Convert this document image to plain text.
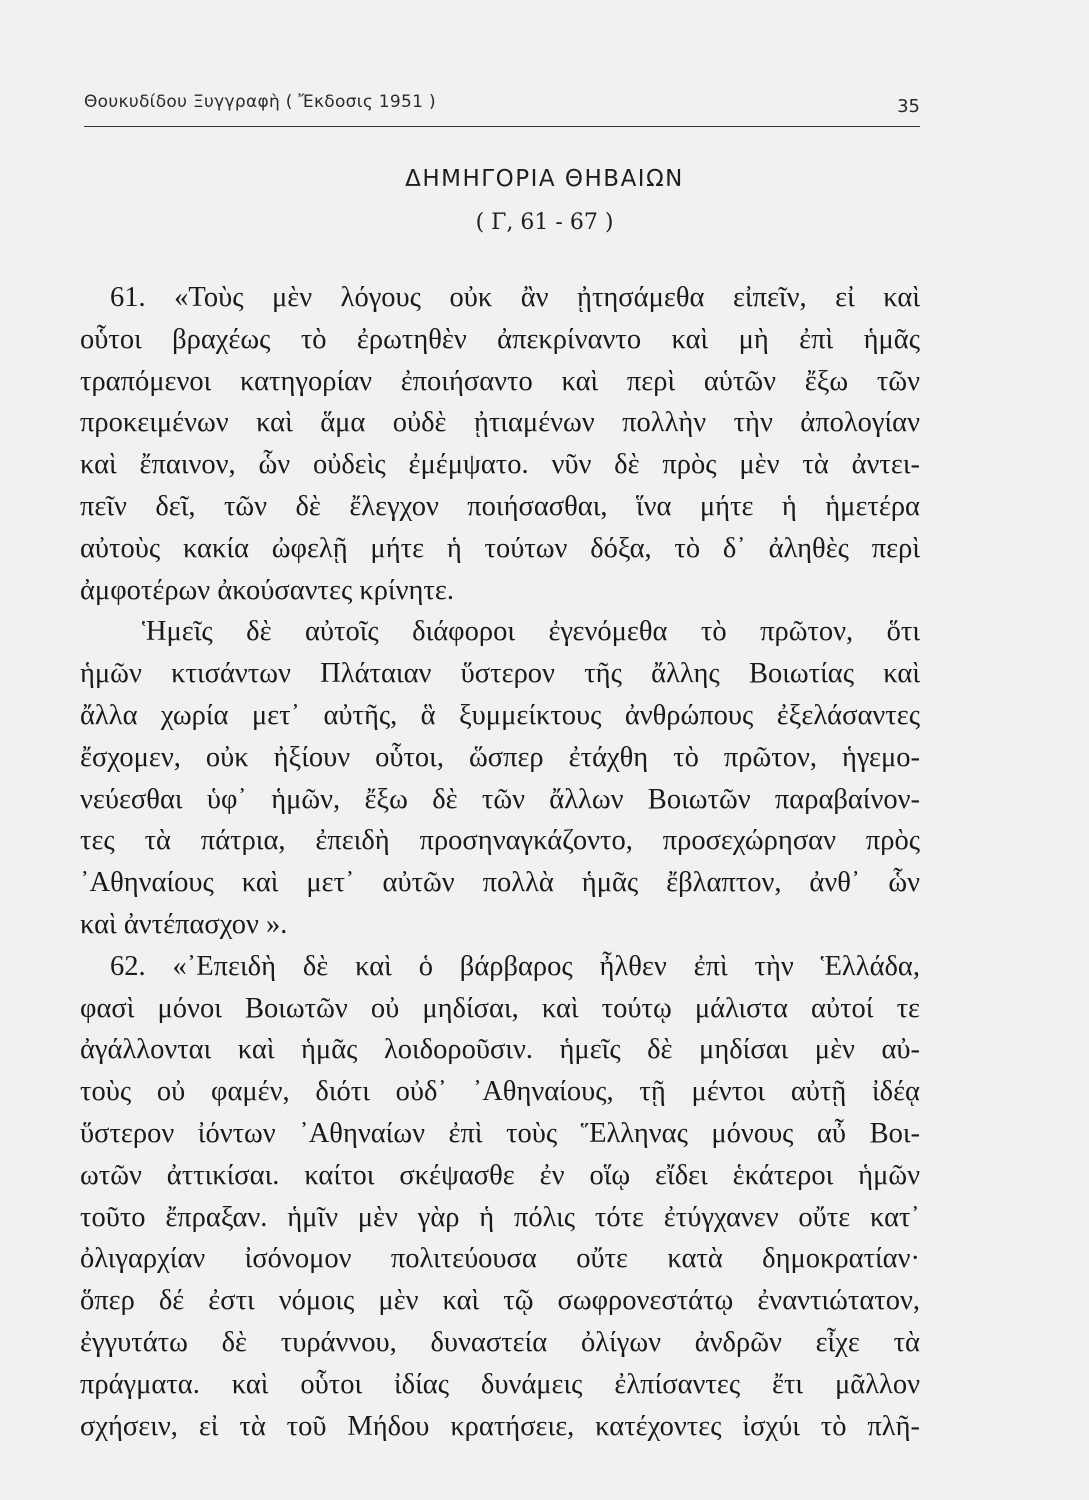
Θουκυδίδου Ξυγγραφὴ ( Ἔκδοσις 1951 )	35
ΔΗΜΗΓΟΡΙΑ ΘΗΒΑΙΩΝ
( Γ, 61 - 67 )
61. «Τοὺς μὲν λόγους οὐκ ἂν ᾐτησάμεθα εἰπεῖν, εἰ καὶ
οὗτοι βραχέως τὸ ἐρωτηθὲν ἀπεκρίναντο καὶ μὴ ἐπὶ ἡμᾶς
τραπόμενοι κατηγορίαν ἐποιήσαντο καὶ περὶ αὑτῶν ἔξω τῶν
προκειμένων καὶ ἅμα οὐδὲ ᾐτιαμένων πολλὴν τὴν ἀπολογίαν
καὶ ἔπαινον, ὧν οὐδεὶς ἐμέμψατο. νῦν δὲ πρὸς μὲν τὰ ἀντει-
πεῖν δεῖ, τῶν δὲ ἔλεγχον ποιήσασθαι, ἵνα μήτε ἡ ἡμετέρα
αὐτοὺς κακία ὠφελῇ μήτε ἡ τούτων δόξα, τὸ δ᾽ ἀληθὲς περὶ
ἀμφοτέρων ἀκούσαντες κρίνητε.
Ἡμεῖς δὲ αὐτοῖς διάφοροι ἐγενόμεθα τὸ πρῶτον, ὅτι
ἡμῶν κτισάντων Πλάταιαν ὕστερον τῆς ἄλλης Βοιωτίας καὶ
ἄλλα χωρία μετ᾽ αὐτῆς, ἃ ξυμμείκτους ἀνθρώπους ἐξελάσαντες
ἔσχομεν, οὐκ ἠξίουν οὗτοι, ὥσπερ ἐτάχθη τὸ πρῶτον, ἡγεμο-
νεύεσθαι ὑφ᾽ ἡμῶν, ἔξω δὲ τῶν ἄλλων Βοιωτῶν παραβαίνον-
τες τὰ πάτρια, ἐπειδὴ προσηναγκάζοντο, προσεχώρησαν πρὸς
᾽Αθηναίους καὶ μετ᾽ αὐτῶν πολλὰ ἡμᾶς ἔβλαπτον, ἀνθ᾽ ὧν
καὶ ἀντέπασχον ».
62. «᾽Επειδὴ δὲ καὶ ὁ βάρβαρος ἦλθεν ἐπὶ τὴν Ἑλλάδα,
φασὶ μόνοι Βοιωτῶν οὐ μηδίσαι, καὶ τούτῳ μάλιστα αὐτοί τε
ἀγάλλονται καὶ ἡμᾶς λοιδοροῦσιν. ἡμεῖς δὲ μηδίσαι μὲν αὐ-
τοὺς οὐ φαμέν, διότι οὐδ᾽ ᾽Αθηναίους, τῇ μέντοι αὐτῇ ἰδέᾳ
ὕστερον ἰόντων ᾽Αθηναίων ἐπὶ τοὺς Ἕλληνας μόνους αὖ Βοι-
ωτῶν ἀττικίσαι. καίτοι σκέψασθε ἐν οἵῳ εἴδει ἑκάτεροι ἡμῶν
τοῦτο ἔπραξαν. ἡμῖν μὲν γὰρ ἡ πόλις τότε ἐτύγχανεν οὔτε κατ᾽
ὀλιγαρχίαν ἰσόνομον πολιτεύουσα οὔτε κατὰ δημοκρατίαν·
ὅπερ δέ ἐστι νόμοις μὲν καὶ τῷ σωφρονεστάτῳ ἐναντιώτατον,
ἐγγυτάτω δὲ τυράννου, δυναστεία ὀλίγων ἀνδρῶν εἶχε τὰ
πράγματα. καὶ οὗτοι ἰδίας δυνάμεις ἐλπίσαντες ἔτι μᾶλλον
σχήσειν, εἰ τὰ τοῦ Μήδου κρατήσειε, κατέχοντες ἰσχύι τὸ πλῆ-
